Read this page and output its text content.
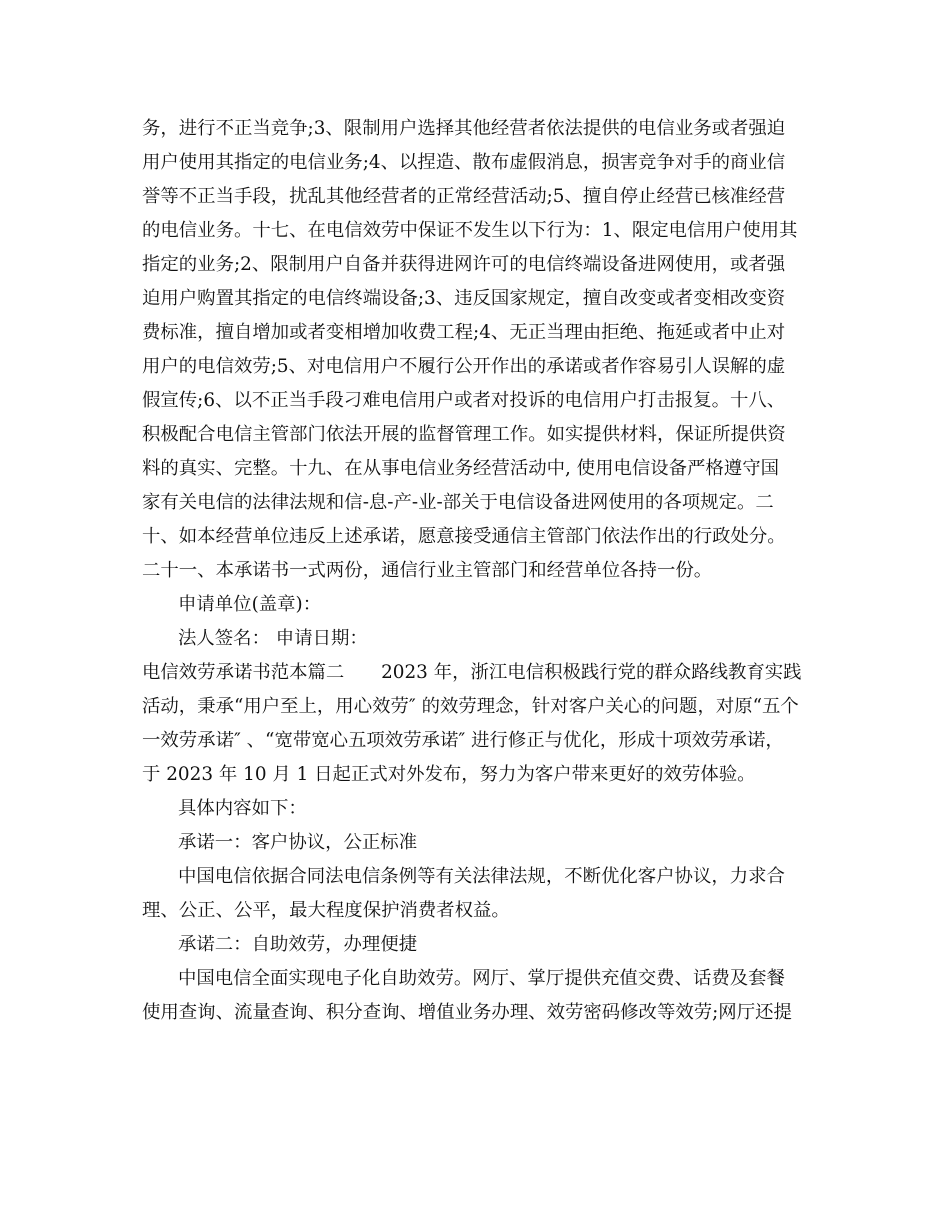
务，进行不正当竞争;3、限制用户选择其他经营者依法提供的电信业务或者强迫
用户使用其指定的电信业务;4、以捏造、散布虚假消息，损害竞争对手的商业信
誉等不正当手段，扰乱其他经营者的正常经营活动;5、擅自停止经营已核准经营
的电信业务。十七、在电信效劳中保证不发生以下行为：1、限定电信用户使用其
指定的业务;2、限制用户自备并获得进网许可的电信终端设备进网使用，或者强
迫用户购置其指定的电信终端设备;3、违反国家规定，擅自改变或者变相改变资
费标准，擅自增加或者变相增加收费工程;4、无正当理由拒绝、拖延或者中止对
用户的电信效劳;5、对电信用户不履行公开作出的承诺或者作容易引人误解的虚
假宣传;6、以不正当手段刁难电信用户或者对投诉的电信用户打击报复。十八、
积极配合电信主管部门依法开展的监督管理工作。如实提供材料，保证所提供资
料的真实、完整。十九、在从事电信业务经营活动中, 使用电信设备严格遵守国
家有关电信的法律法规和信-息-产-业-部关于电信设备进网使用的各项规定。二
十、如本经营单位违反上述承诺，愿意接受通信主管部门依法作出的行政处分。
二十一、本承诺书一式两份，通信行业主管部门和经营单位各持一份。
申请单位(盖章)：
法人签名： 申请日期：
电信效劳承诺书范本篇二　　2023 年，浙江电信积极践行党的群众路线教育实践
活动，秉承“用户至上，用心效劳″ 的效劳理念，针对客户关心的问题，对原“五个
一效劳承诺″ 、“宽带宽心五项效劳承诺″ 进行修正与优化，形成十项效劳承诺，
于 2023 年 10 月 1 日起正式对外发布，努力为客户带来更好的效劳体验。
具体内容如下：
承诺一：客户协议，公正标准
中国电信依据合同法电信条例等有关法律法规，不断优化客户协议，力求合
理、公正、公平，最大程度保护消费者权益。
承诺二：自助效劳，办理便捷
中国电信全面实现电子化自助效劳。网厅、掌厅提供充值交费、话费及套餐
使用查询、流量查询、积分查询、增值业务办理、效劳密码修改等效劳;网厅还提
